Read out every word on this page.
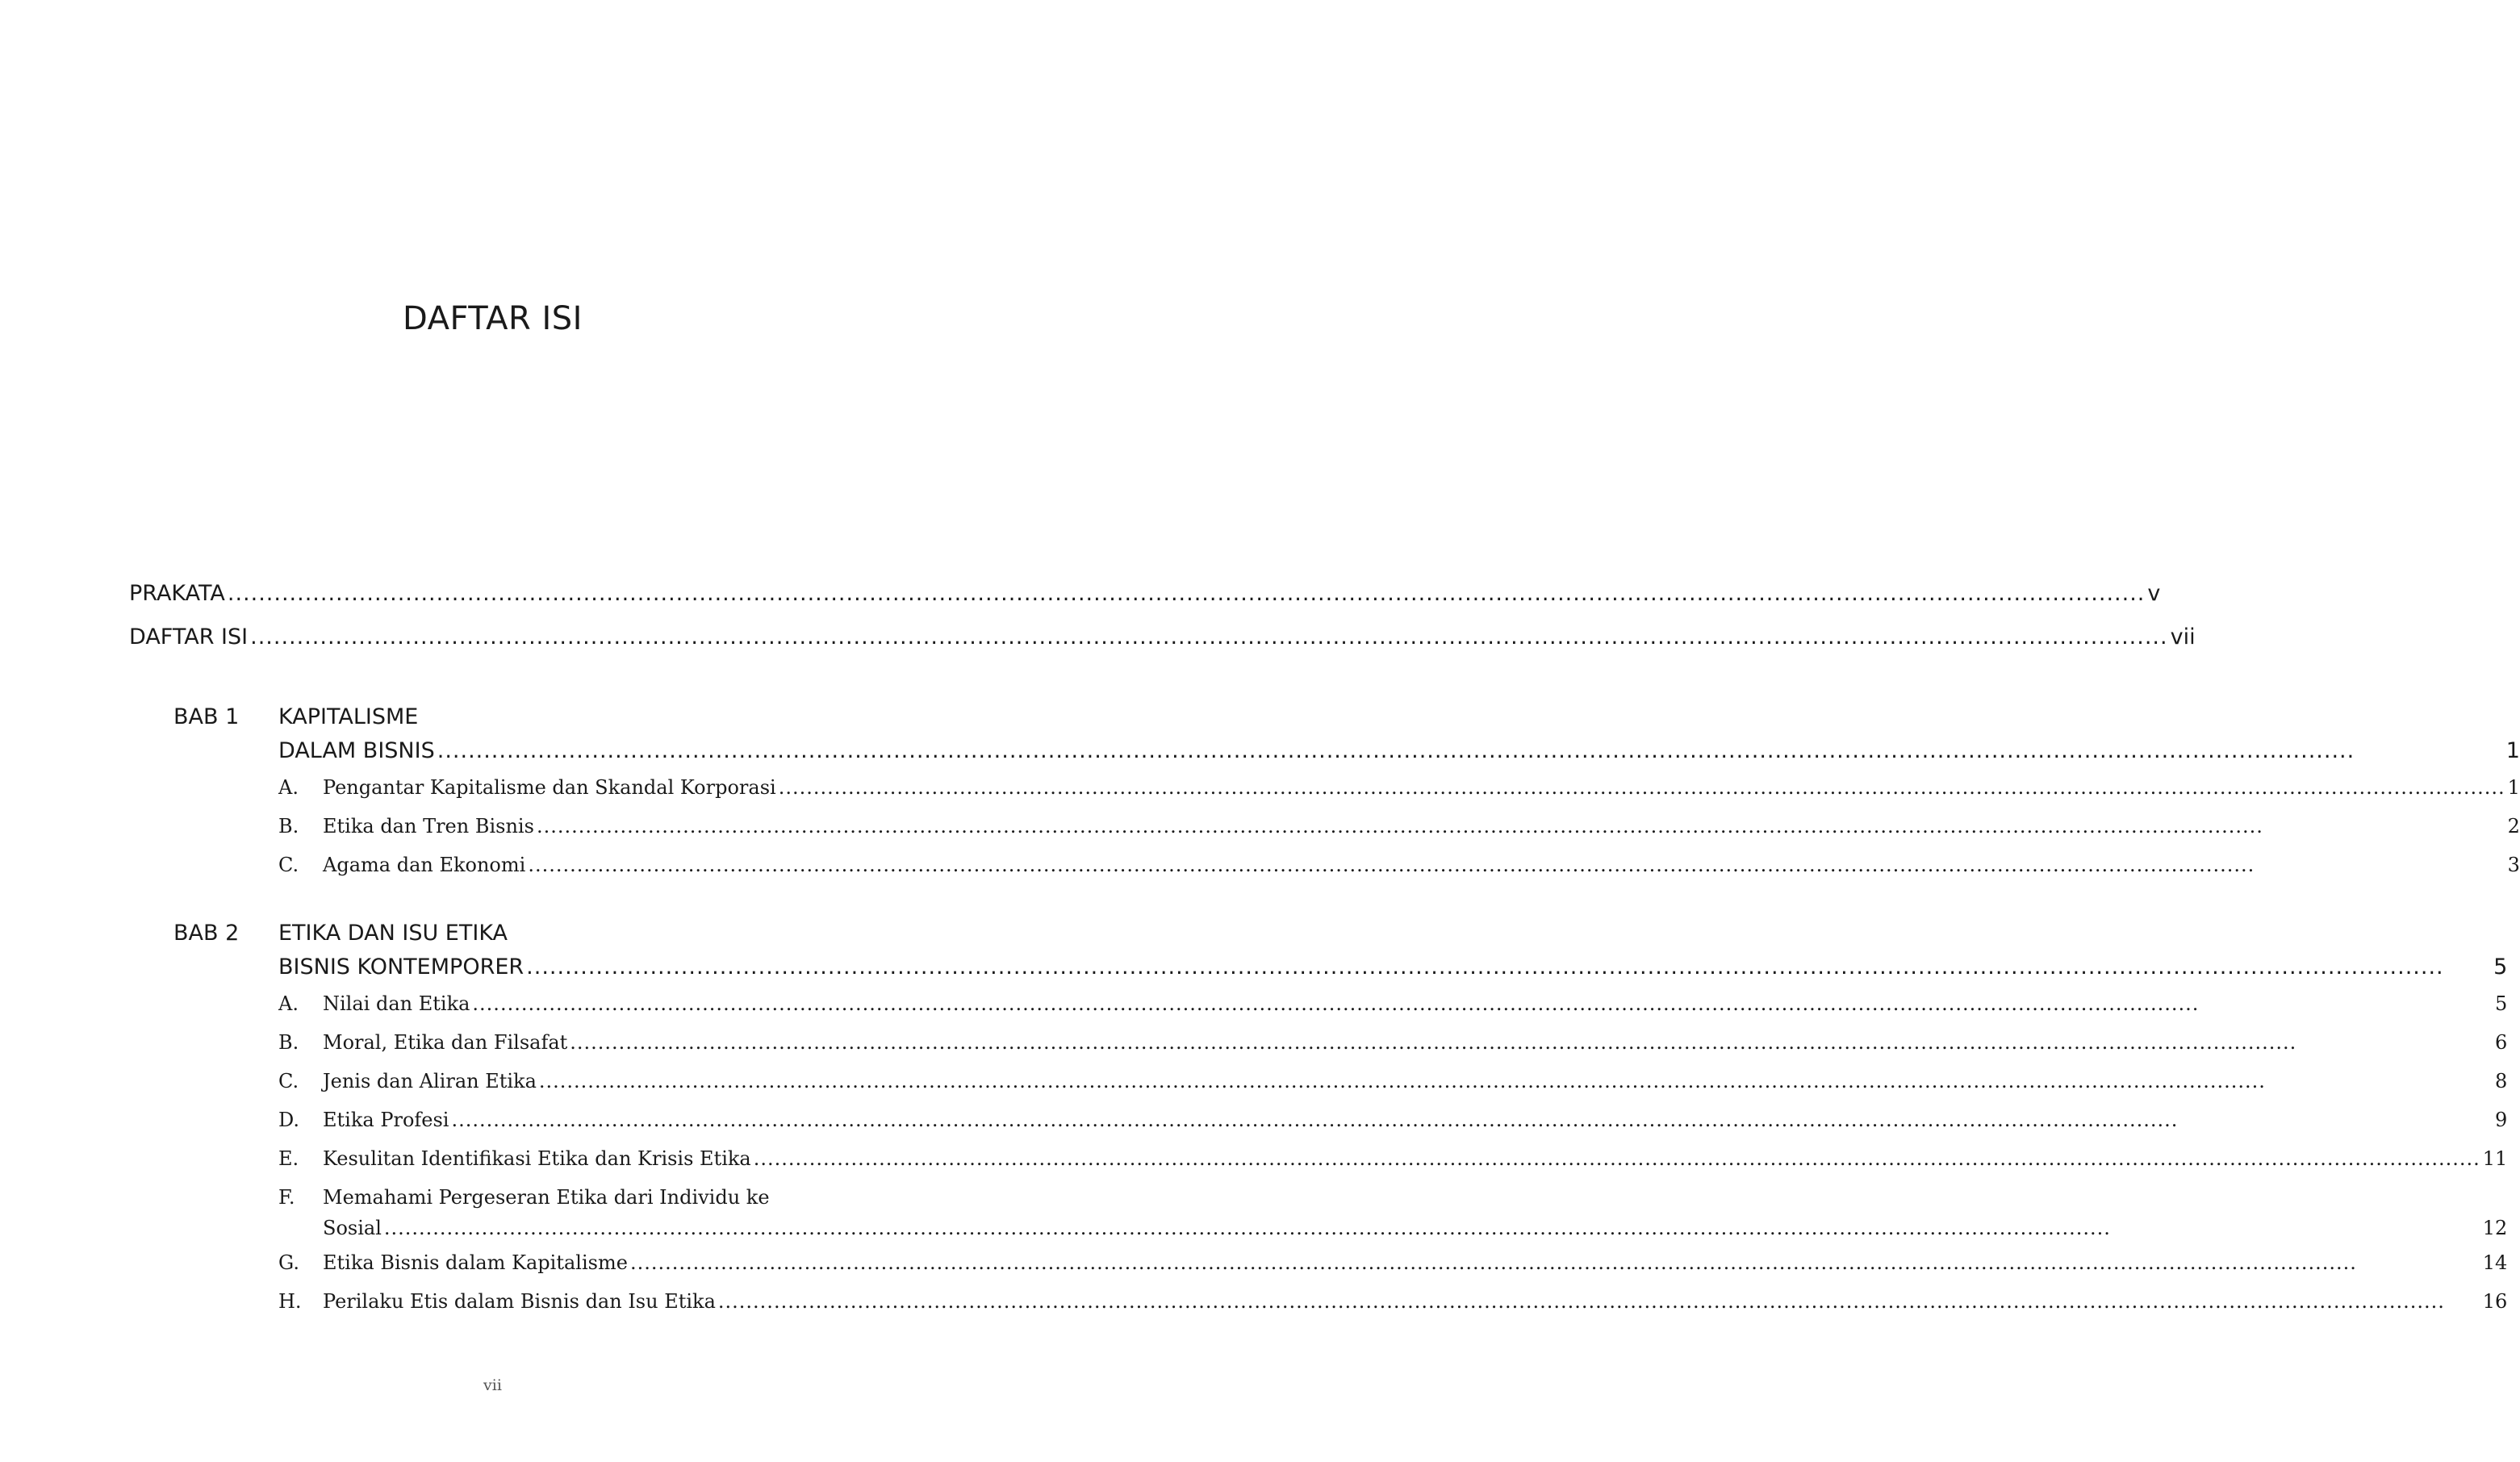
DAFTAR ISI
PRAKATA .....	v
DAFTAR ISI .....	vii
BAB 1	KAPITALISME
DALAM BISNIS .....	1
A.	Pengantar Kapitalisme dan Skandal Korporasi .....	1
B.	Etika dan Tren Bisnis .....	2
C.	Agama dan Ekonomi .....	3
BAB 2	ETIKA DAN ISU ETIKA
BISNIS KONTEMPORER .....	5
A.	Nilai dan Etika .....	5
B.	Moral, Etika dan Filsafat .....	6
C.	Jenis dan Aliran Etika .....	8
D.	Etika Profesi .....	9
E.	Kesulitan Identifikasi Etika dan Krisis Etika .....	11
F.	Memahami Pergeseran Etika dari Individu ke
Sosial .....	12
G.	Etika Bisnis dalam Kapitalisme .....	14
H.	Perilaku Etis dalam Bisnis dan Isu Etika .....	16
vii
